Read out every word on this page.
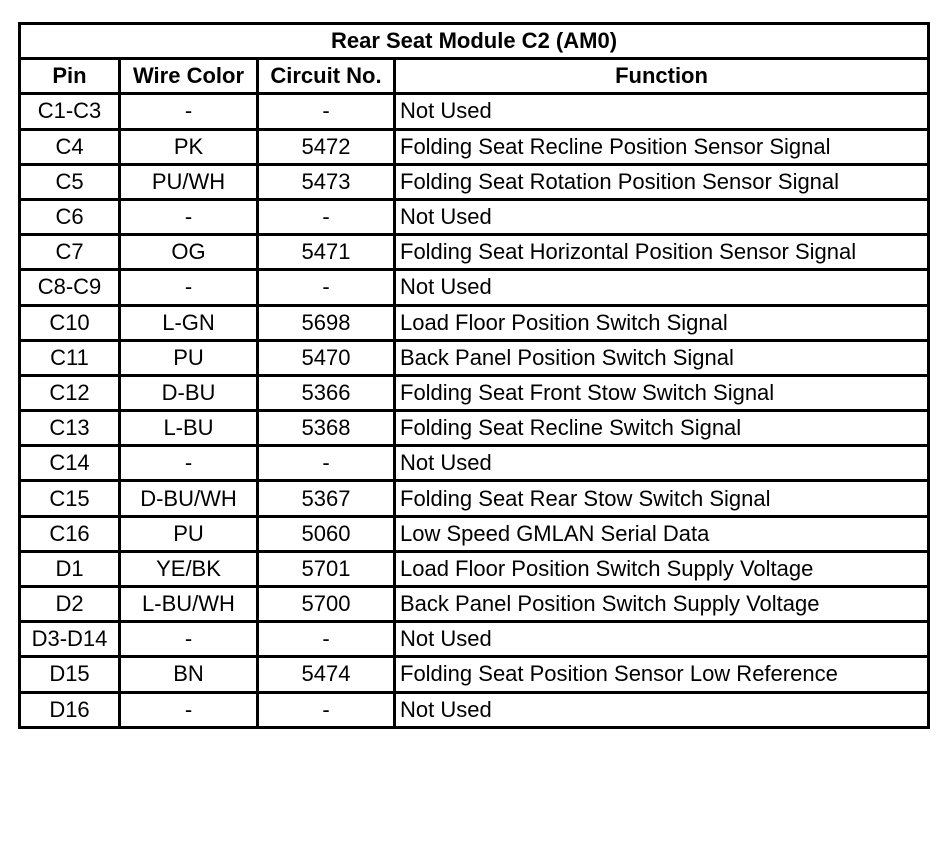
Rear Seat Module C2 (AM0)			
Pin	Wire Color	Circuit No.	Function
C1-C3	-	-	Not Used
C4	PK	5472	Folding Seat Recline Position Sensor Signal
C5	PU/WH	5473	Folding Seat Rotation Position Sensor Signal
C6	-	-	Not Used
C7	OG	5471	Folding Seat Horizontal Position Sensor Signal
C8-C9	-	-	Not Used
C10	L-GN	5698	Load Floor Position Switch Signal
C11	PU	5470	Back Panel Position Switch Signal
C12	D-BU	5366	Folding Seat Front Stow Switch Signal
C13	L-BU	5368	Folding Seat Recline Switch Signal
C14	-	-	Not Used
C15	D-BU/WH	5367	Folding Seat Rear Stow Switch Signal
C16	PU	5060	Low Speed GMLAN Serial Data
D1	YE/BK	5701	Load Floor Position Switch Supply Voltage
D2	L-BU/WH	5700	Back Panel Position Switch Supply Voltage
D3-D14	-	-	Not Used
D15	BN	5474	Folding Seat Position Sensor Low Reference
D16	-	-	Not Used
